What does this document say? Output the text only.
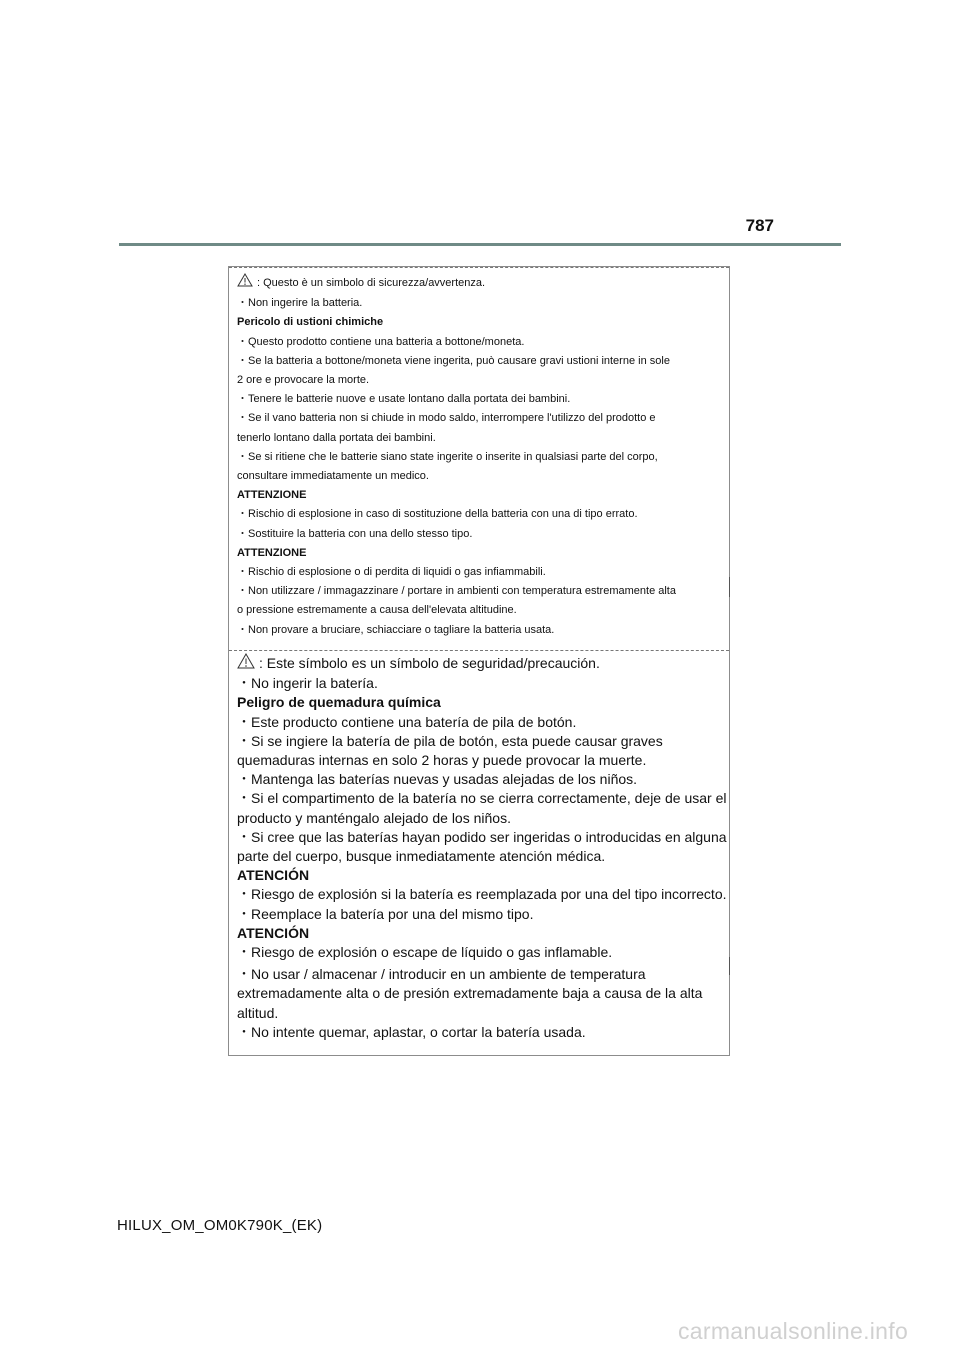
787

: Questo è un simbolo di sicurezza/avvertenza.

・Non ingerire la batteria.

Pericolo di ustioni chimiche

・Questo prodotto contiene una batteria a bottone/moneta.

・Se la batteria a bottone/moneta viene ingerita, può causare gravi ustioni interne in sole

2 ore e provocare la morte.

・Tenere le batterie nuove e usate lontano dalla portata dei bambini.

・Se il vano batteria non si chiude in modo saldo, interrompere l'utilizzo del prodotto e

tenerlo lontano dalla portata dei bambini.

・Se si ritiene che le batterie siano state ingerite o inserite in qualsiasi parte del corpo,

consultare immediatamente un medico.

ATTENZIONE

・Rischio di esplosione in caso di sostituzione della batteria con una di tipo errato.

・Sostituire la batteria con una dello stesso tipo.

ATTENZIONE

・Rischio di esplosione o di perdita di liquidi o gas infiammabili.

・Non utilizzare / immagazzinare / portare in ambienti con temperatura estremamente alta

o pressione estremamente a causa dell'elevata altitudine.

・Non provare a bruciare, schiacciare o tagliare la batteria usata.

: Este símbolo es un símbolo de seguridad/precaución.

・No ingerir la batería.

Peligro de quemadura química

・Este producto contiene una batería de pila de botón.

・Si se ingiere la batería de pila de botón, esta puede causar graves

quemaduras internas en solo 2 horas y puede provocar la muerte.

・Mantenga las baterías nuevas y usadas alejadas de los niños.

・Si el compartimento de la batería no se cierra correctamente, deje de usar el

producto y manténgalo alejado de los niños.

・Si cree que las baterías hayan podido ser ingeridas o introducidas en alguna

parte del cuerpo, busque inmediatamente atención médica.

ATENCIÓN

・Riesgo de explosión si la batería es reemplazada por una del tipo incorrecto.

・Reemplace la batería por una del mismo tipo.

ATENCIÓN

・Riesgo de explosión o escape de líquido o gas inflamable.

・No usar / almacenar / introducir en un ambiente de temperatura

extremadamente alta o de presión extremadamente baja a causa de la alta

altitud.

・No intente quemar, aplastar, o cortar la batería usada.

HILUX_OM_OM0K790K_(EK)
carmanualsonline.info
